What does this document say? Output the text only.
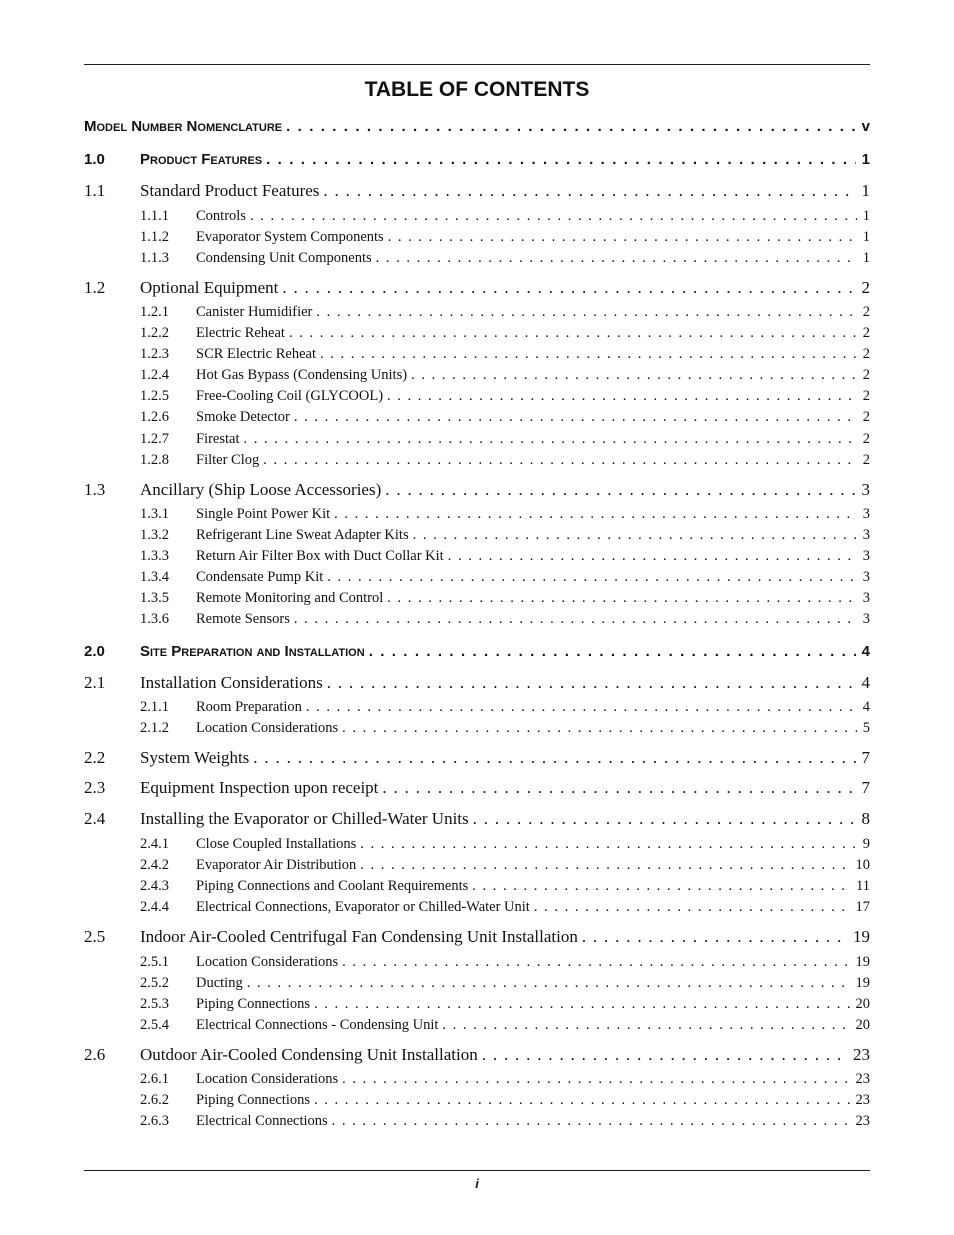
TABLE OF CONTENTS
Model Number Nomenclature . . .	v
1.0	Product Features . . .	1
1.1	Standard Product Features . . .	1
1.1.1	Controls . . .	1
1.1.2	Evaporator System Components . . .	1
1.1.3	Condensing Unit Components . . .	1
1.2	Optional Equipment . . .	2
1.2.1	Canister Humidifier . . .	2
1.2.2	Electric Reheat . . .	2
1.2.3	SCR Electric Reheat . . .	2
1.2.4	Hot Gas Bypass (Condensing Units) . . .	2
1.2.5	Free-Cooling Coil (GLYCOOL) . . .	2
1.2.6	Smoke Detector . . .	2
1.2.7	Firestat . . .	2
1.2.8	Filter Clog . . .	2
1.3	Ancillary (Ship Loose Accessories) . . .	3
1.3.1	Single Point Power Kit . . .	3
1.3.2	Refrigerant Line Sweat Adapter Kits . . .	3
1.3.3	Return Air Filter Box with Duct Collar Kit . . .	3
1.3.4	Condensate Pump Kit . . .	3
1.3.5	Remote Monitoring and Control . . .	3
1.3.6	Remote Sensors . . .	3
2.0	Site Preparation and Installation . . .	4
2.1	Installation Considerations . . .	4
2.1.1	Room Preparation . . .	4
2.1.2	Location Considerations . . .	5
2.2	System Weights . . .	7
2.3	Equipment Inspection upon receipt . . .	7
2.4	Installing the Evaporator or Chilled-Water Units . . .	8
2.4.1	Close Coupled Installations . . .	9
2.4.2	Evaporator Air Distribution . . .	10
2.4.3	Piping Connections and Coolant Requirements . . .	11
2.4.4	Electrical Connections, Evaporator or Chilled-Water Unit . . .	17
2.5	Indoor Air-Cooled Centrifugal Fan Condensing Unit Installation . . .	19
2.5.1	Location Considerations . . .	19
2.5.2	Ducting . . .	19
2.5.3	Piping Connections . . .	20
2.5.4	Electrical Connections - Condensing Unit . . .	20
2.6	Outdoor Air-Cooled Condensing Unit Installation . . .	23
2.6.1	Location Considerations . . .	23
2.6.2	Piping Connections . . .	23
2.6.3	Electrical Connections . . .	23
i
